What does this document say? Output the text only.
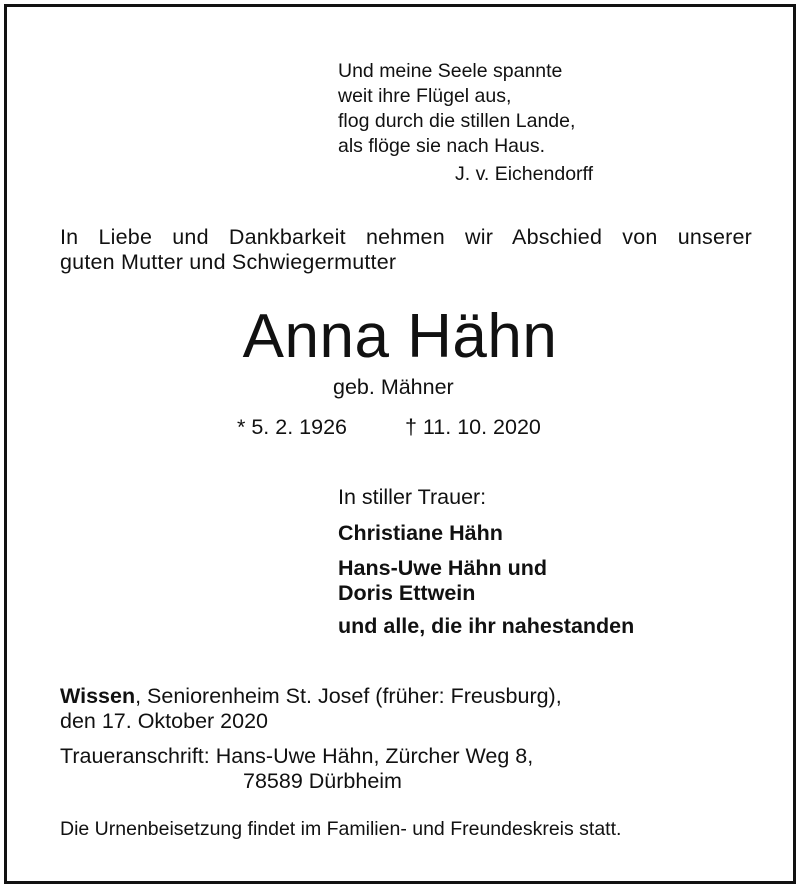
Und meine Seele spannte
weit ihre Flügel aus,
flog durch die stillen Lande,
als flöge sie nach Haus.
J. v. Eichendorff
In Liebe und Dankbarkeit nehmen wir Abschied von unserer
guten Mutter und Schwiegermutter
Anna Hähn
geb. Mähner
* 5. 2. 1926	† 11. 10. 2020
In stiller Trauer:
Christiane Hähn
Hans-Uwe Hähn und
Doris Ettwein
und alle, die ihr nahestanden
Wissen, Seniorenheim St. Josef (früher: Freusburg),
den 17. Oktober 2020
Traueranschrift: Hans-Uwe Hähn, Zürcher Weg 8,
78589 Dürbheim
Die Urnenbeisetzung findet im Familien- und Freundeskreis statt.
